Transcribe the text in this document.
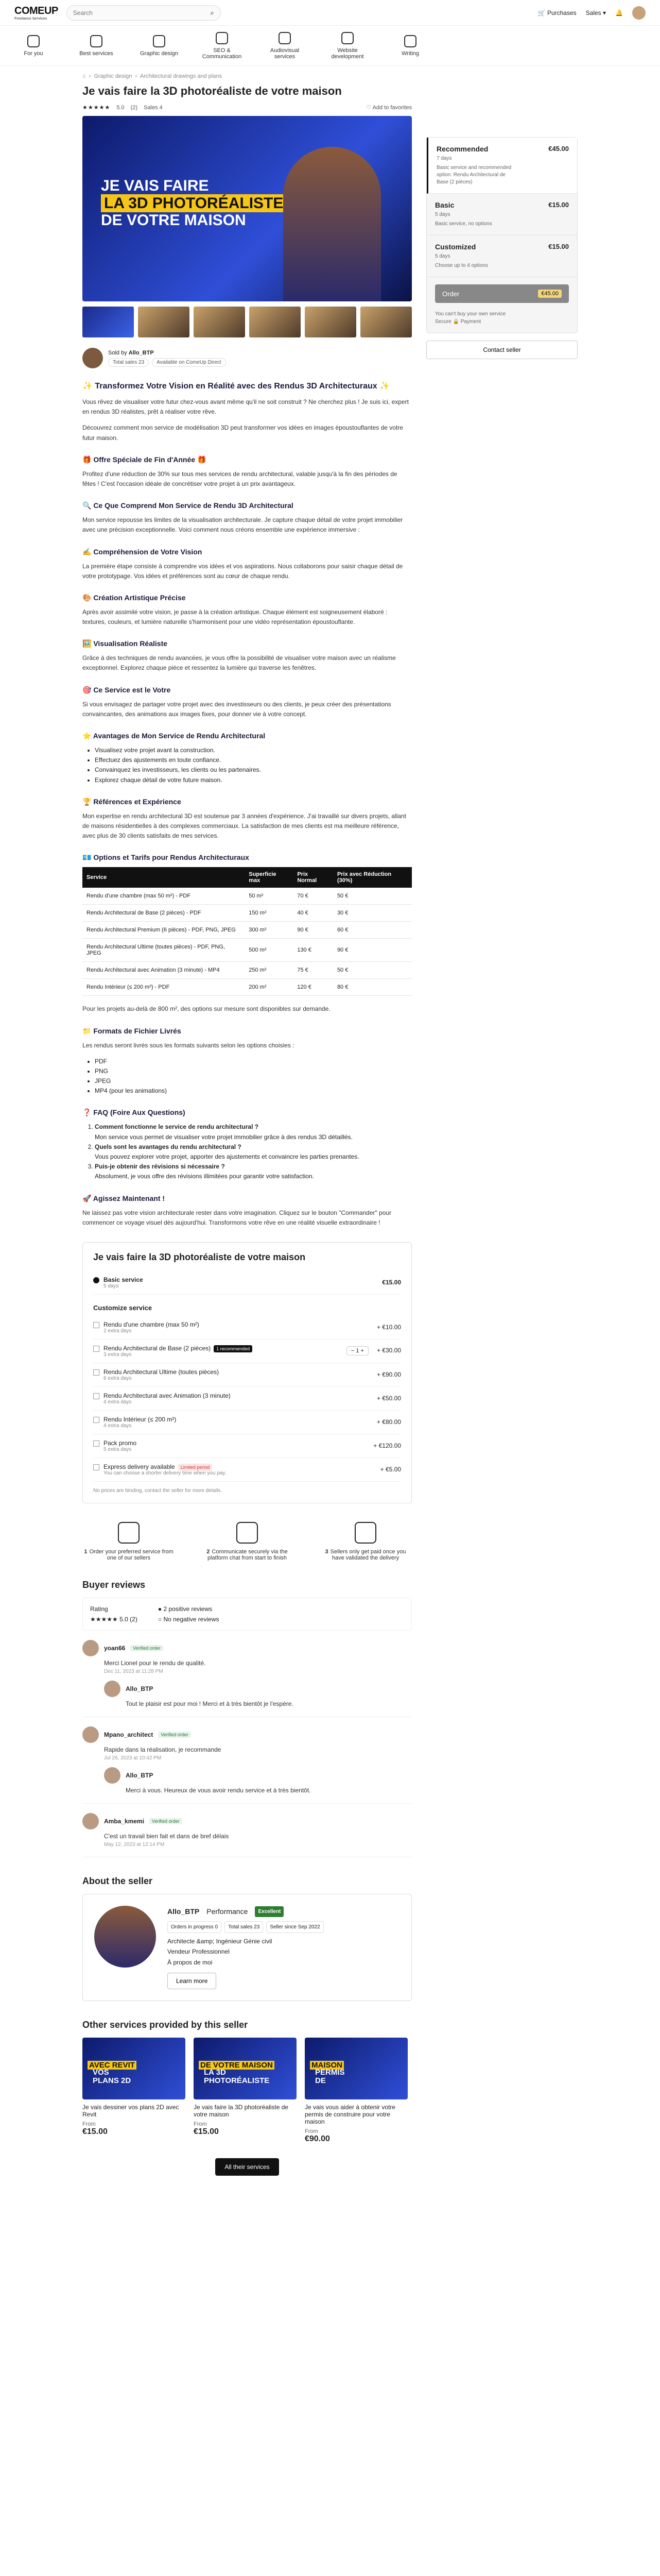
COMEUP
Freelance Services
Search
⌕	🛒 Purchases Sales ▾ 🔔
For you	Best services	Graphic design	SEO & Communication
Audiovisual services
Website development	Writing
⌂ › Graphic design › Architectural drawings and plans
Je vais faire la 3D photoréaliste de votre maison
★★★★★ 5.0 (2) Sales 4	♡ Add to favorites
JE VAIS FAIRE
LA 3D PHOTORÉALISTE

DE VOTRE MAISON
Sold by Allo_BTP
Total sales 23	Available on ComeUp Direct
✨ Transformez Votre Vision en Réalité avec des Rendus 3D Architecturaux ✨

Vous rêvez de visualiser votre futur chez-vous avant même qu'il ne soit construit ? Ne cherchez plus ! Je suis ici, expert en rendus 3D réalistes, prêt à réaliser votre rêve.

Découvrez comment mon service de modélisation 3D peut transformer vos idées en images époustouflantes de votre futur maison.

🎁 Offre Spéciale de Fin d'Année 🎁

Profitez d'une réduction de 30% sur tous mes services de rendu architectural, valable jusqu'à la fin des périodes de fêtes ! C'est l'occasion idéale de concrétiser votre projet à un prix avantageux.

🔍 Ce Que Comprend Mon Service de Rendu 3D Architectural

Mon service repousse les limites de la visualisation architecturale. Je capture chaque détail de votre projet immobilier avec une précision exceptionnelle. Voici comment nous créons ensemble une expérience immersive :

✍️ Compréhension de Votre Vision

La première étape consiste à comprendre vos idées et vos aspirations. Nous collaborons pour saisir chaque détail de votre prototypage. Vos idées et préférences sont au cœur de chaque rendu.

🎨 Création Artistique Précise

Après avoir assimilé votre vision, je passe à la création artistique. Chaque élément est soigneusement élaboré : textures, couleurs, et lumière naturelle s'harmonisent pour une vidéo représentation époustouflante.

🖼️ Visualisation Réaliste

Grâce à des techniques de rendu avancées, je vous offre la possibilité de visualiser votre maison avec un réalisme exceptionnel. Explorez chaque pièce et ressentez la lumière qui traverse les fenêtres.

🎯 Ce Service est le Votre

Si vous envisagez de partager votre projet avec des investisseurs ou des clients, je peux créer des présentations convaincantes, des animations aux images fixes, pour donner vie à votre concept.

⭐ Avantages de Mon Service de Rendu Architectural
• Visualisez votre projet avant la construction.
• Effectuez des ajustements en toute confiance.
• Convainquez les investisseurs, les clients ou les partenaires.
• Explorez chaque détail de votre future maison.
🏆 Références et Expérience

Mon expertise en rendu architectural 3D est soutenue par 3 années d'expérience. J'ai travaillé sur divers projets, allant de maisons résidentielles à des complexes commerciaux. La satisfaction de mes clients est ma meilleure référence, avec plus de 30 clients satisfaits de mes services.

💶 Options et Tarifs pour Rendus Architecturaux
Service	Superficie max	Prix Normal	Prix avec Réduction (30%)
Rendu d'une chambre (max 50 m²) - PDF	50 m²	70 €	50 €
Rendu Architectural de Base (2 pièces) - PDF	150 m²	40 €	30 €
Rendu Architectural Premium (6 pièces) - PDF, PNG, JPEG	300 m²	90 €	60 €
Rendu Architectural Ultime (toutes pièces) - PDF, PNG, JPEG	500 m²	130 €	90 €
Rendu Architectural avec Animation (3 minute) - MP4	250 m²	75 €	50 €
Rendu Intérieur (≤ 200 m²) - PDF	200 m²	120 €	80 €

Pour les projets au-delà de 800 m², des options sur mesure sont disponibles sur demande.

📁 Formats de Fichier Livrés

Les rendus seront livrés sous les formats suivants selon les options choisies :

• PDF
• PNG
• JPEG
• MP4 (pour les animations)
❓ FAQ (Foire Aux Questions)
1. Comment fonctionne le service de rendu architectural ?
Mon service vous permet de visualiser votre projet immobilier grâce à des rendus 3D détaillés.
2. Quels sont les avantages du rendu architectural ?
Vous pouvez explorer votre projet, apporter des ajustements et convaincre les parties prenantes.
3. Puis-je obtenir des révisions si nécessaire ?
Absolument, je vous offre des révisions illimitées pour garantir votre satisfaction.
🚀 Agissez Maintenant !

Ne laissez pas votre vision architecturale rester dans votre imagination. Cliquez sur le bouton "Commander" pour commencer ce voyage visuel dès aujourd'hui. Transformons votre rêve en une réalité visuelle extraordinaire !

Je vais faire la 3D photoréaliste de votre maison
Basic service
5 days	€15.00
Customize service
Rendu d'une chambre (max 50 m²)
2 extra days	+ €10.00
Rendu Architectural de Base (2 pièces) 1 recommended
3 extra days
− 1 + + €30.00
Rendu Architectural Ultime (toutes pièces)
6 extra days	+ €90.00
Rendu Architectural avec Animation (3 minute)
4 extra days	+ €50.00
Rendu Intérieur (≤ 200 m²)
4 extra days	+ €80.00
Pack promo
5 extra days	+ €120.00
Express delivery available Limited period
You can choose a shorter delivery time when you pay.	+ €5.00
No prices are binding, contact the seller for more details.
1 Order your preferred service from one of our sellers
2 Communicate securely via the platform chat from start to finish
3 Sellers only get paid once you have validated the delivery
Buyer reviews
Rating
★★★★★ 5.0 (2)
● 2 positive reviews
○ No negative reviews
yoan66	Verified order
Merci Lionel pour le rendu de qualité.
Dec 11, 2023 at 11:28 PM
Allo_BTP
Tout le plaisir est pour moi ! Merci et à très bientôt je l'espère.
Mpano_architect	Verified order
Rapide dans la réalisation, je recommande
Jul 26, 2023 at 10:42 PM
Allo_BTP
Merci à vous. Heureux de vous avoir rendu service et à très bientôt.
Amba_kmemi	Verified order
C'est un travail bien fait et dans de bref délais
May 12, 2023 at 12:14 PM
About the seller
Allo_BTP Performance	Excellent
Orders in progress 0	Total sales 23	Seller since Sep 2022
Architecte &amp; Ingénieur Génie civil
Vendeur Professionnel
À propos de moi
Learn more
Other services provided by this seller
VOS PLANS 2D

AVEC REVIT
Je vais dessiner vos plans 2D avec Revit
From
€15.00
LA 3D PHOTORÉALISTE

DE VOTRE MAISON
Je vais faire la 3D photoréaliste de votre maison
From
€15.00
PERMIS DE

MAISON
Je vais vous aider à obtenir votre permis de construire pour votre maison
From
€90.00
All their services
Recommended
7 days
Basic service and recommended option: Rendu Architectural de Base (2 pièces)
€45.00
Basic
5 days
Basic service, no options
€15.00
Customized
5 days
Choose up to 4 options
€15.00
Order	€45.00
You can't buy your own service
Secure 🔒 Payment
Contact seller
